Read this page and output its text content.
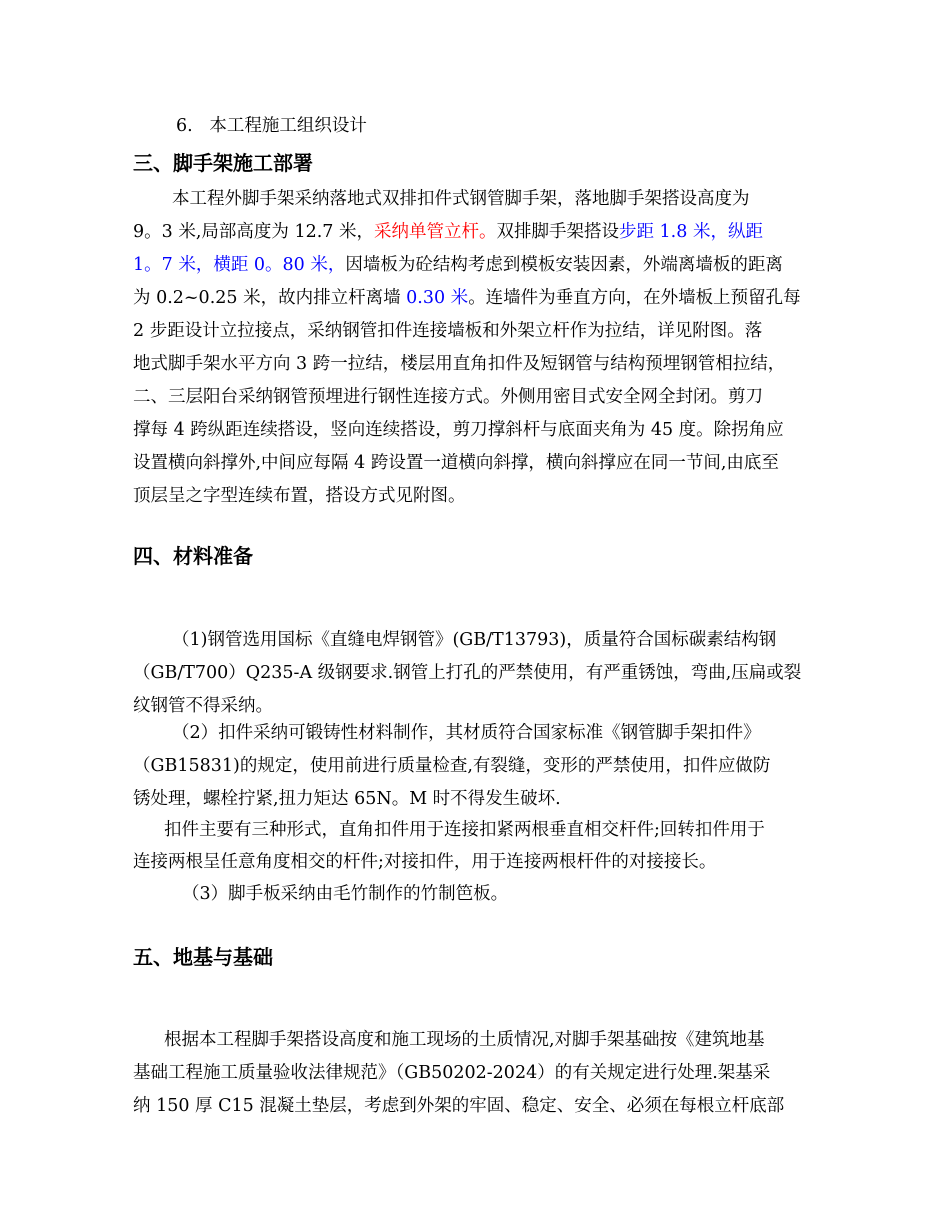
6. 本工程施工组织设计
三、脚手架施工部署
本工程外脚手架采纳落地式双排扣件式钢管脚手架，落地脚手架搭设高度为
9。3 米,局部高度为 12.7 米，采纳单管立杆。双排脚手架搭设步距 1.8 米，纵距
1。7 米，横距 0。80 米，因墙板为砼结构考虑到模板安装因素，外端离墙板的距离
为 0.2~0.25 米，故内排立杆离墙 0.30 米。连墙件为垂直方向，在外墙板上预留孔每
2 步距设计立拉接点，采纳钢管扣件连接墙板和外架立杆作为拉结，详见附图。落
地式脚手架水平方向 3 跨一拉结，楼层用直角扣件及短钢管与结构预埋钢管相拉结，
二、三层阳台采纳钢管预埋进行钢性连接方式。外侧用密目式安全网全封闭。剪刀
撑每 4 跨纵距连续搭设，竖向连续搭设，剪刀撑斜杆与底面夹角为 45 度。除拐角应
设置横向斜撑外,中间应每隔 4 跨设置一道横向斜撑，横向斜撑应在同一节间,由底至
顶层呈之字型连续布置，搭设方式见附图。
四、材料准备
（1)钢管选用国标《直缝电焊钢管》(GB/T13793)，质量符合国标碳素结构钢
（GB/T700）Q235-A 级钢要求.钢管上打孔的严禁使用，有严重锈蚀，弯曲,压扁或裂
纹钢管不得采纳。
（2）扣件采纳可锻铸性材料制作，其材质符合国家标准《钢管脚手架扣件》
（GB15831)的规定，使用前进行质量检查,有裂缝，变形的严禁使用，扣件应做防
锈处理，螺栓拧紧,扭力矩达 65N。M 时不得发生破坏.
扣件主要有三种形式，直角扣件用于连接扣紧两根垂直相交杆件;回转扣件用于
连接两根呈任意角度相交的杆件;对接扣件，用于连接两根杆件的对接接长。
（3）脚手板采纳由毛竹制作的竹制笆板。
五、地基与基础
根据本工程脚手架搭设高度和施工现场的土质情况,对脚手架基础按《建筑地基
基础工程施工质量验收法律规范》（GB50202-2024）的有关规定进行处理.架基采
纳 150 厚 C15 混凝土垫层，考虑到外架的牢固、稳定、安全、必须在每根立杆底部
